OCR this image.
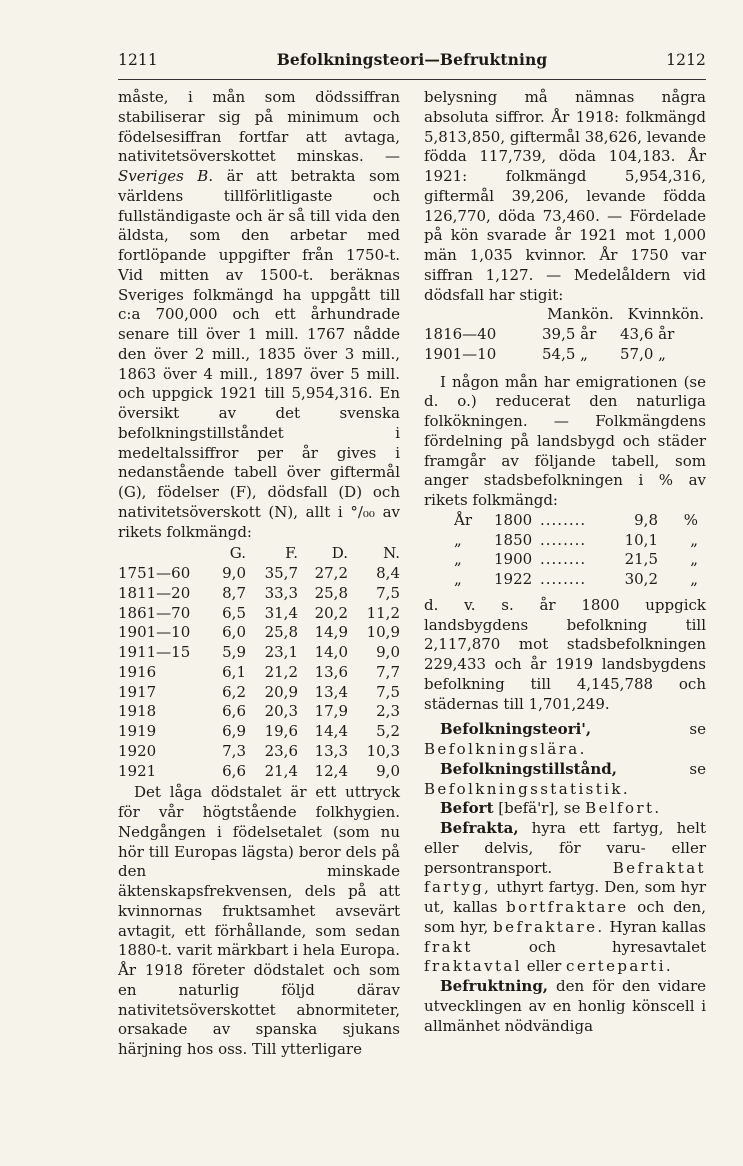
1211	Befolkningsteori—Befruktning	1212

måste, i mån som dödssiffran stabiliserar sig på minimum och födelsesiffran fortfar att avtaga, nativitetsöverskottet minskas. — Sveriges B. är att betrakta som världens tillförlitligaste och fullständigaste och är så till vida den äldsta, som den arbetar med fortlöpande uppgifter från 1750-t. Vid mitten av 1500-t. beräknas Sveriges folkmängd ha uppgått till c:a 700,000 och ett århundrade senare till över 1 mill. 1767 nådde den över 2 mill., 1835 över 3 mill., 1863 över 4 mill., 1897 över 5 mill. och uppgick 1921 till 5,954,316. En översikt av det svenska befolkningstillståndet i medeltalssiffror per år gives i nedanstående tabell över giftermål (G), födelser (F), dödsfall (D) och nativitetsöverskott (N), allt i °/₀₀ av rikets folkmängd:

	G.	F.	D.	N.
1751—60	9,0	35,7	27,2	8,4
1811—20	8,7	33,3	25,8	7,5
1861—70	6,5	31,4	20,2	11,2
1901—10	6,0	25,8	14,9	10,9
1911—15	5,9	23,1	14,0	9,0
1916	6,1	21,2	13,6	7,7
1917	6,2	20,9	13,4	7,5
1918	6,6	20,3	17,9	2,3
1919	6,9	19,6	14,4	5,2
1920	7,3	23,6	13,3	10,3
1921	6,6	21,4	12,4	9,0

Det låga dödstalet är ett uttryck för vår högtstående folkhygien. Nedgången i födelsetalet (som nu hör till Europas lägsta) beror dels på den minskade äktenskapsfrekvensen, dels på att kvinnornas fruktsamhet avsevärt avtagit, ett förhållande, som sedan 1880-t. varit märkbart i hela Europa. År 1918 företer dödstalet och som en naturlig följd därav nativitetsöverskottet abnormiteter, orsakade av spanska sjukans härjning hos oss. Till ytterligare

belysning må nämnas några absoluta siffror. År 1918: folkmängd 5,813,850, giftermål 38,626, levande födda 117,739, döda 104,183. År 1921: folkmängd 5,954,316, giftermål 39,206, levande födda 126,770, döda 73,460. — Fördelade på kön svarade år 1921 mot 1,000 män 1,035 kvinnor. År 1750 var siffran 1,127. — Medelåldern vid dödsfall har stigit:

Mankön. Kvinnkön.
1816—40	39,5 år	43,6 år
1901—10	54,5 „	57,0 „

I någon mån har emigrationen (se d. o.) reducerat den naturliga folkökningen. — Folkmängdens fördelning på landsbygd och städer framgår av följande tabell, som anger stadsbefolkningen i % av rikets folkmängd:

År	1800 ........	9,8	%
„	1850 ........	10,1	„
„	1900 ........	21,5	„
„	1922 ........	30,2	„

d. v. s. år 1800 uppgick landsbygdens befolkning till 2,117,870 mot stadsbefolkningen 229,433 och år 1919 landsbygdens befolkning till 4,145,788 och städernas till 1,701,249.

Befolkningsteori', se Befolkningslära.

Befolkningstillstånd, se Befolkningsstatistik.

Befort [befä'r], se Belfort.

Befrakta, hyra ett fartyg, helt eller delvis, för varu- eller persontransport. Befraktat fartyg, uthyrt fartyg. Den, som hyr ut, kallas bortfraktare och den, som hyr, befraktare. Hyran kallas frakt och hyresavtalet fraktavtal eller certeparti.

Befruktning, den för den vidare utvecklingen av en honlig könscell i allmänhet nödvändiga
